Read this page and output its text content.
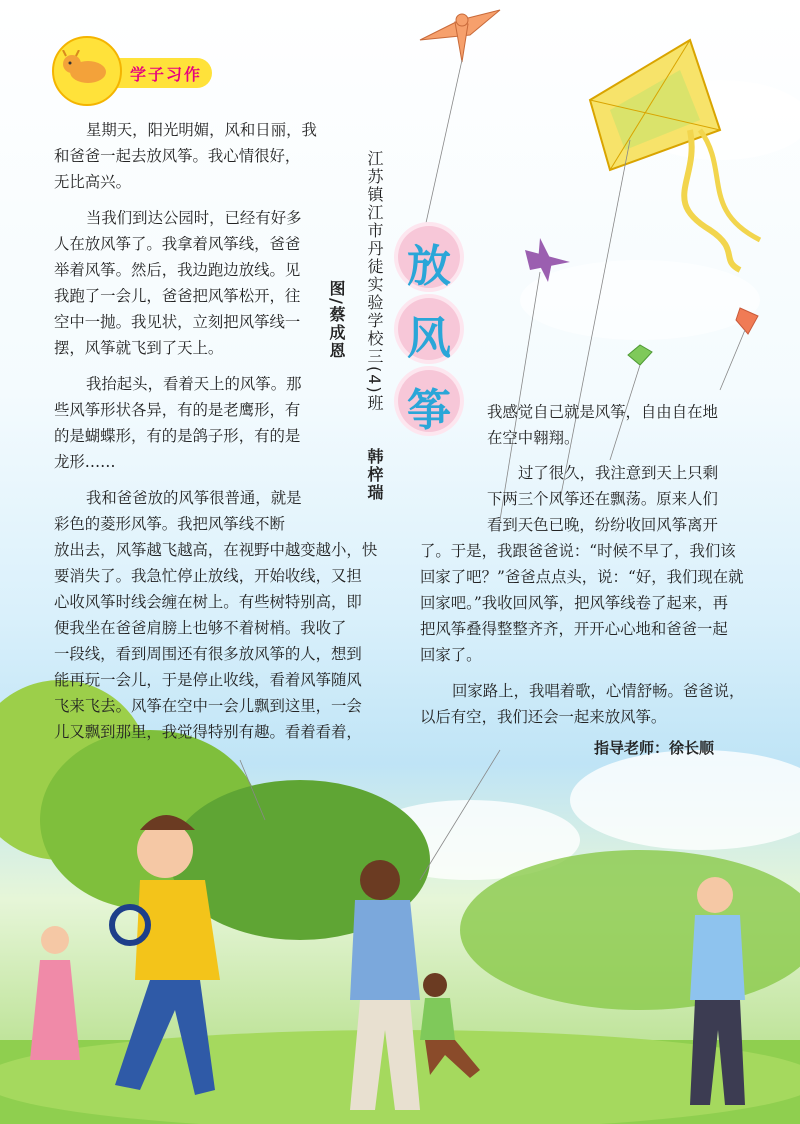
学子习作
放
风
筝
江苏镇江市丹徒实验学校三(4)班
韩梓瑞
图/蔡成恩

星期天，阳光明媚，风和日丽，我

和爸爸一起去放风筝。我心情很好，

无比高兴。

当我们到达公园时，已经有好多

人在放风筝了。我拿着风筝线，爸爸

举着风筝。然后，我边跑边放线。见

我跑了一会儿，爸爸把风筝松开，往

空中一抛。我见状，立刻把风筝线一

摆，风筝就飞到了天上。

我抬起头，看着天上的风筝。那

些风筝形状各异，有的是老鹰形，有

的是蝴蝶形，有的是鸽子形，有的是

龙形……

我和爸爸放的风筝很普通，就是

彩色的菱形风筝。我把风筝线不断

放出去，风筝越飞越高，在视野中越变越小，快

要消失了。我急忙停止放线，开始收线，又担

心收风筝时线会缠在树上。有些树特别高，即

便我坐在爸爸肩膀上也够不着树梢。我收了

一段线，看到周围还有很多放风筝的人，想到

能再玩一会儿，于是停止收线，看着风筝随风

飞来飞去。风筝在空中一会儿飘到这里，一会

儿又飘到那里，我觉得特别有趣。看着看着，

我感觉自己就是风筝，自由自在地

在空中翱翔。

过了很久，我注意到天上只剩

下两三个风筝还在飘荡。原来人们

看到天色已晚，纷纷收回风筝离开

了。于是，我跟爸爸说：“时候不早了，我们该

回家了吧？”爸爸点点头，说：“好，我们现在就

回家吧。”我收回风筝，把风筝线卷了起来，再

把风筝叠得整整齐齐，开开心心地和爸爸一起

回家了。

回家路上，我唱着歌，心情舒畅。爸爸说，

以后有空，我们还会一起来放风筝。

指导老师：徐长顺
